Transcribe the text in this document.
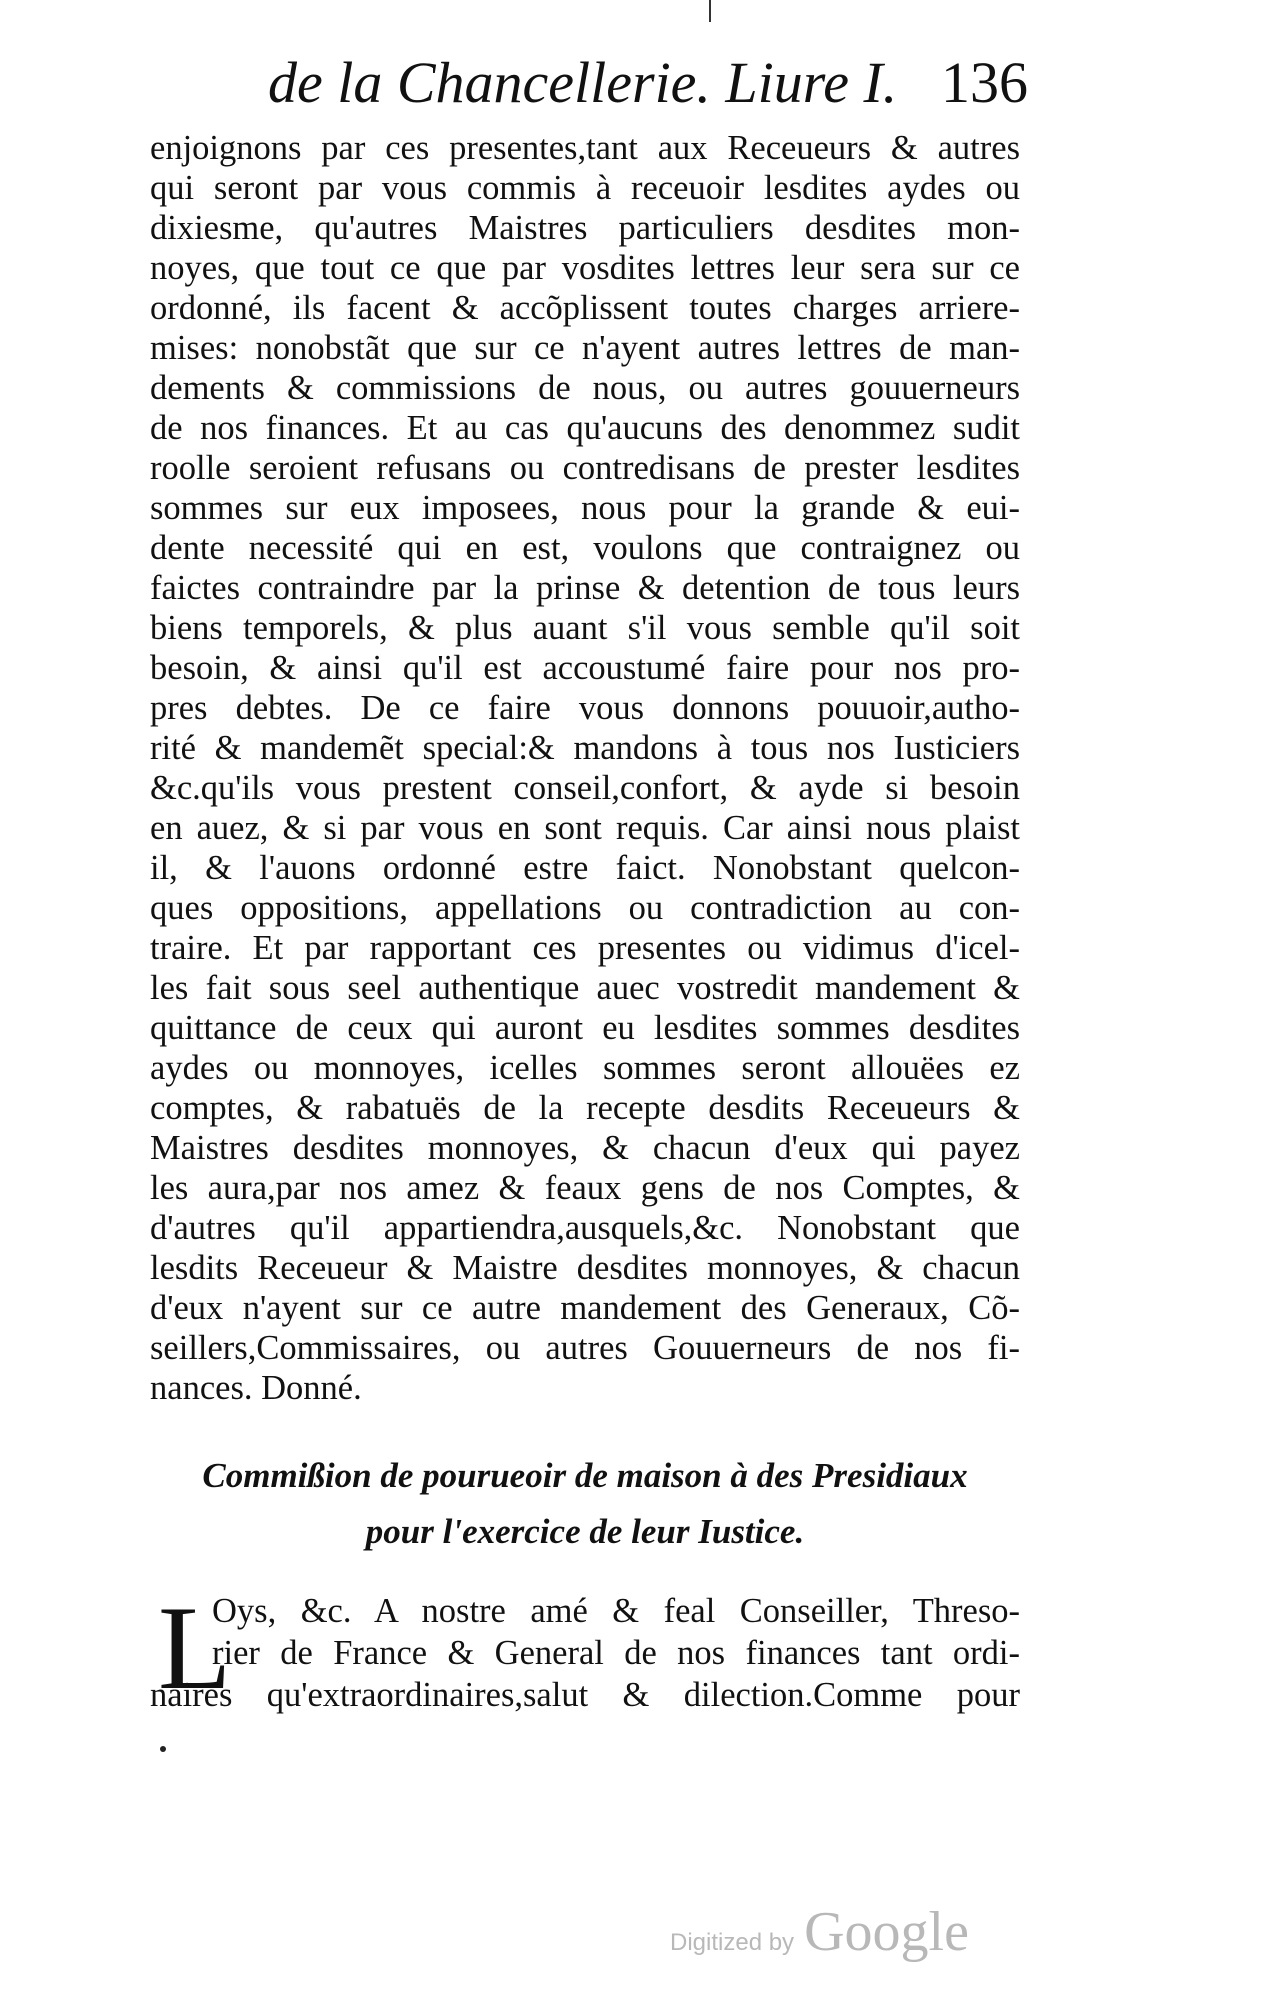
de la Chancellerie. Liure I. 136
enjoignons par ces presentes,tant aux Receueurs & autres
qui seront par vous commis à receuoir lesdites aydes ou
dixiesme, qu'autres Maistres particuliers desdites mon-
noyes, que tout ce que par vosdites lettres leur sera sur ce
ordonné, ils facent & accõplissent toutes charges arriere-
mises: nonobstãt que sur ce n'ayent autres lettres de man-
dements & commissions de nous, ou autres gouuerneurs
de nos finances. Et au cas qu'aucuns des denommez sudit
roolle seroient refusans ou contredisans de prester lesdites
sommes sur eux imposees, nous pour la grande & eui-
dente necessité qui en est, voulons que contraignez ou
faictes contraindre par la prinse & detention de tous leurs
biens temporels, & plus auant s'il vous semble qu'il soit
besoin, & ainsi qu'il est accoustumé faire pour nos pro-
pres debtes. De ce faire vous donnons pouuoir,autho-
rité & mandemẽt special:& mandons à tous nos Iusticiers
&c.qu'ils vous prestent conseil,confort, & ayde si besoin
en auez, & si par vous en sont requis. Car ainsi nous plaist
il, & l'auons ordonné estre faict. Nonobstant quelcon-
ques oppositions, appellations ou contradiction au con-
traire. Et par rapportant ces presentes ou vidimus d'icel-
les fait sous seel authentique auec vostredit mandement &
quittance de ceux qui auront eu lesdites sommes desdites
aydes ou monnoyes, icelles sommes seront allouëes ez
comptes, & rabatuës de la recepte desdits Receueurs &
Maistres desdites monnoyes, & chacun d'eux qui payez
les aura,par nos amez & feaux gens de nos Comptes, &
d'autres qu'il appartiendra,ausquels,&c. Nonobstant que
lesdits Receueur & Maistre desdites monnoyes, & chacun
d'eux n'ayent sur ce autre mandement des Generaux, Cõ-
seillers,Commissaires, ou autres Gouuerneurs de nos fi-
nances. Donné.
Commißion de pourueoir de maison à des Presidiaux
pour l'exercice de leur Iustice.
L
Oys, &c. A nostre amé & feal Conseiller, Threso-
rier de France & General de nos finances tant ordi-
naires qu'extraordinaires,salut & dilection.Comme pour
Digitized by Google
